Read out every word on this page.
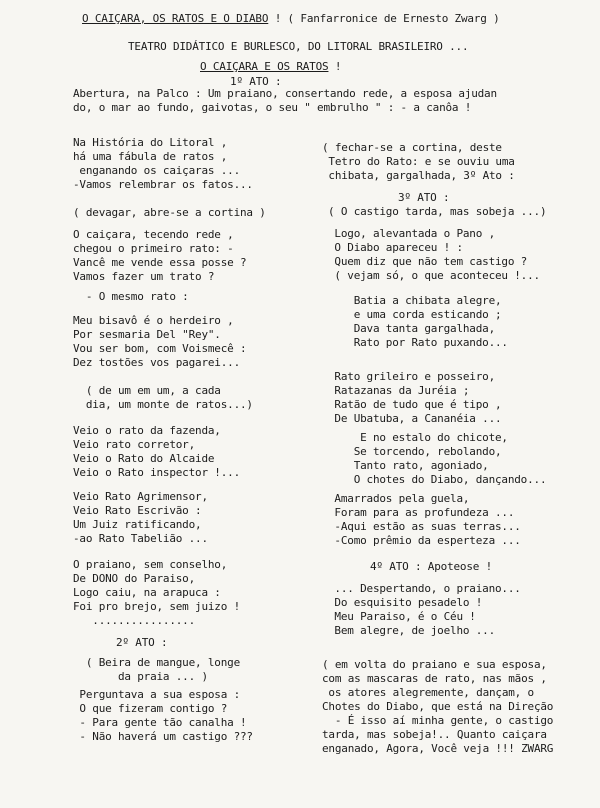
O CAIÇARA, OS RATOS E O DIABO ! ( Fanfarronice de Ernesto Zwarg )
TEATRO DIDÁTICO E BURLESCO, DO LITORAL BRASILEIRO ...
O CAIÇARA E OS RATOS !
1º ATO :
Abertura, na Palco : Um praiano, consertando rede, a esposa ajudan
do, o mar ao fundo, gaivotas, o seu " embrulho " : - a canôa !
Na História do Litoral ,
há uma fábula de ratos ,
enganando os caiçaras ...
-Vamos relembrar os fatos...
( devagar, abre-se a cortina )
O caiçara, tecendo rede ,
chegou o primeiro rato: -
Vancê me vende essa posse ?
Vamos fazer um trato ?
- O mesmo rato :
Meu bisavô é o herdeiro ,
Por sesmaria Del "Rey".
Vou ser bom, com Voismecê :
Dez tostões vos pagarei...
( de um em um, a cada
dia, um monte de ratos...)
Veio o rato da fazenda,
Veio rato corretor,
Veio o Rato do Alcaide
Veio o Rato inspector !...
Veio Rato Agrimensor,
Veio Rato Escrivão :
Um Juiz ratificando,
-ao Rato Tabelião ...
O praiano, sem conselho,
De DONO do Paraiso,
Logo caiu, na arapuca :
Foi pro brejo, sem juizo !
................
2º ATO :
( Beira de mangue, longe
da praia ... )
Perguntava a sua esposa :
O que fizeram contigo ?
- Para gente tão canalha !
- Não haverá um castigo ???
( fechar-se a cortina, deste
Tetro do Rato: e se ouviu uma
chibata, gargalhada, 3º Ato :
3º ATO :
( O castigo tarda, mas sobeja ...)
Logo, alevantada o Pano ,
O Diabo apareceu ! :
Quem diz que não tem castigo ?
( vejam só, o que aconteceu !...
Batia a chibata alegre,
e uma corda esticando ;
Dava tanta gargalhada,
Rato por Rato puxando...
Rato grileiro e posseiro,
Ratazanas da Juréia ;
Ratão de tudo que é tipo ,
De Ubatuba, a Cananéia ...
E no estalo do chicote,
Se torcendo, rebolando,
Tanto rato, agoniado,
O chotes do Diabo, dançando...
Amarrados pela guela,
Foram para as profundeza ...
-Aqui estão as suas terras...
-Como prêmio da esperteza ...
4º ATO : Apoteose !
... Despertando, o praiano...
Do esquisito pesadelo !
Meu Paraiso, é o Céu !
Bem alegre, de joelho ...
( em volta do praiano e sua esposa,
com as mascaras de rato, nas mãos ,
os atores alegremente, dançam, o
Chotes do Diabo, que está na Direção
- É isso aí minha gente, o castigo
tarda, mas sobeja!.. Quanto caiçara
enganado, Agora, Você veja !!! ZWARG
